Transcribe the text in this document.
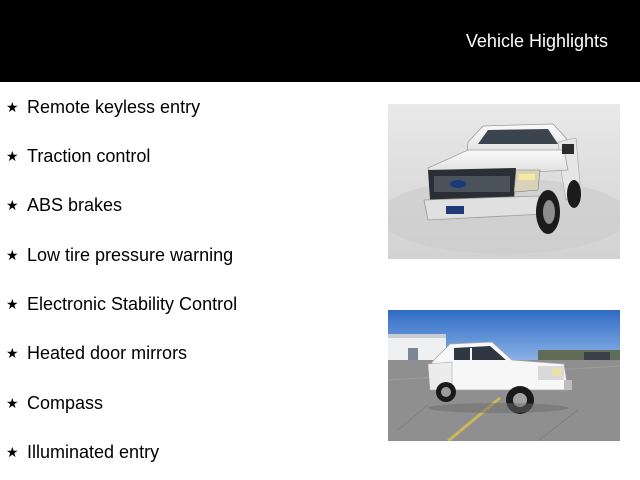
Vehicle Highlights
★ Remote keyless entry
★ Traction control
★ ABS brakes
★ Low tire pressure warning
★ Electronic Stability Control
★ Heated door mirrors
★ Compass
★ Illuminated entry
